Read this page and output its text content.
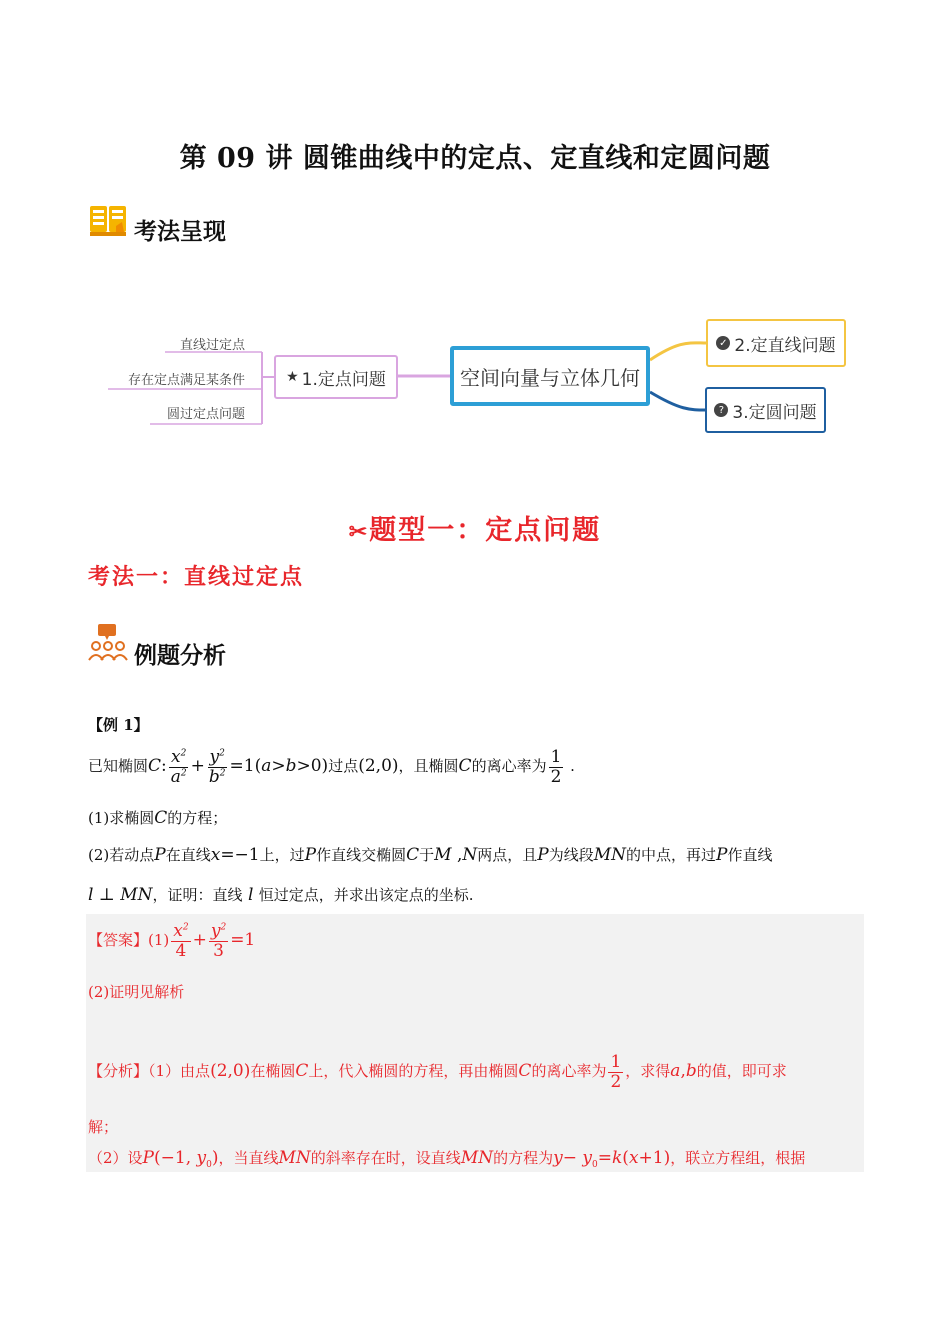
第 09 讲 圆锥曲线中的定点、定直线和定圆问题
考法呈现
直线过定点
存在定点满足某条件
圆过定点问题
★ 1.定点问题	空间向量与立体几何
✓ 2.定直线问题
? 3.定圆问题
✂题型一：定点问题
考法一：直线过定点
例题分析
【例 1】
已知椭圆C: $\frac{x^2}{a^2} + \frac{y^2}{b^2} =1(a>b>0)$过点(2,0)，且椭圆C的离心率为 $\frac{1}{2}$ .
(1)求椭圆C的方程；
(2)若动点P在直线x=−1上，过P作直线交椭圆C于M ,N两点，且P为线段MN的中点，再过P作直线
l ⊥ MN，证明：直线 l 恒过定点，并求出该定点的坐标.
【答案】$(1) \frac{x^2}{4} + \frac{y^2}{3} =1$
(2)证明见解析
【分析】（1）由点(2,0)在椭圆C上，代入椭圆的方程，再由椭圆C的离心率为 $\frac{1}{2}$ ，求得a,b的值，即可求
解；
（2）设P(−1, $y_0$)，当直线MN的斜率存在时，设直线MN的方程为$y- y_0=k(x+1)$，联立方程组，根据
